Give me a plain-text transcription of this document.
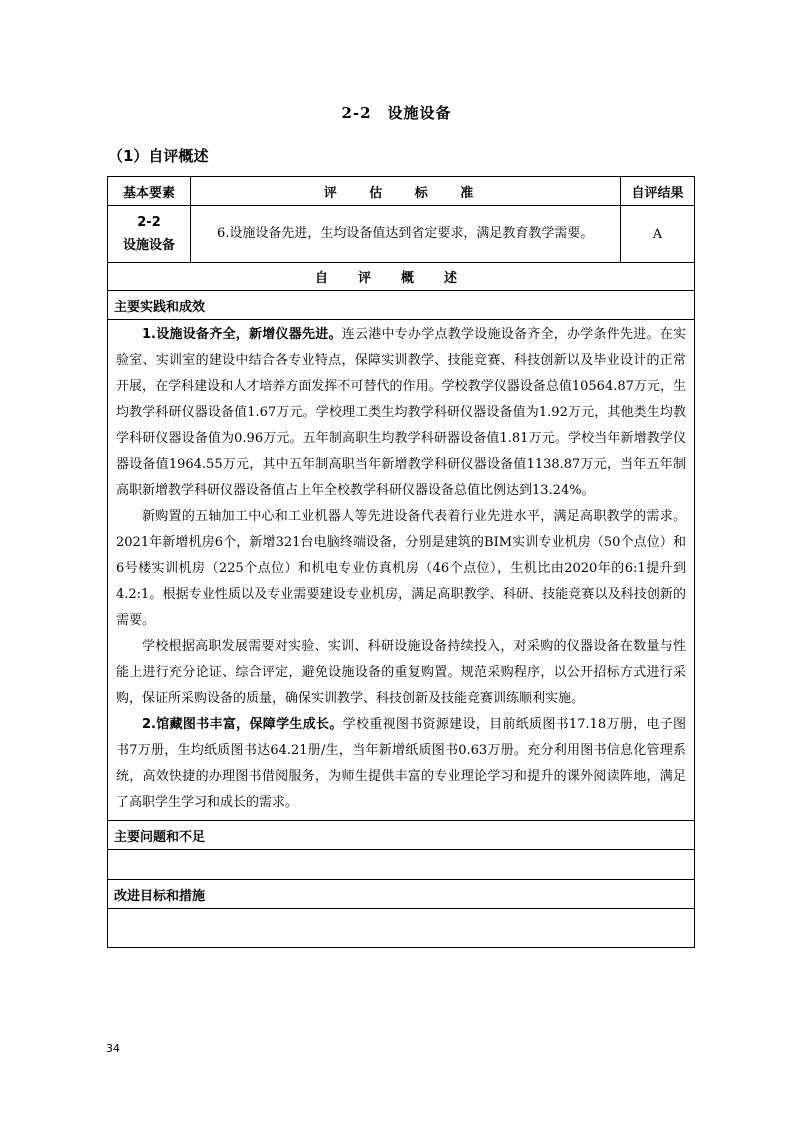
2-2　设施设备
（1）自评概述
基本要素	评 估 标 准	自评结果

2-2
设施设备	6.设施设备先进，生均设备值达到省定要求，满足教育教学需要。	A
自评概述		
主要实践和成效		

1.设施设备齐全，新增仪器先进。连云港中专办学点教学设施设备齐全，办学条件先进。在实验室、实训室的建设中结合各专业特点，保障实训教学、技能竞赛、科技创新以及毕业设计的正常开展，在学科建设和人才培养方面发挥不可替代的作用。学校教学仪器设备总值10564.87万元，生均教学科研仪器设备值1.67万元。学校理工类生均教学科研仪器设备值为1.92万元，其他类生均教学科研仪器设备值为0.96万元。五年制高职生均教学科研器设备值1.81万元。学校当年新增教学仪器设备值1964.55万元，其中五年制高职当年新增教学科研仪器设备值1138.87万元，当年五年制高职新增教学科研仪器设备值占上年全校教学科研仪器设备总值比例达到13.24%。

新购置的五轴加工中心和工业机器人等先进设备代表着行业先进水平，满足高职教学的需求。2021年新增机房6个，新增321台电脑终端设备，分别是建筑的BIM实训专业机房（50个点位）和6号楼实训机房（225个点位）和机电专业仿真机房（46个点位），生机比由2020年的6:1提升到4.2:1。根据专业性质以及专业需要建设专业机房，满足高职教学、科研、技能竞赛以及科技创新的需要。

学校根据高职发展需要对实验、实训、科研设施设备持续投入，对采购的仪器设备在数量与性能上进行充分论证、综合评定，避免设施设备的重复购置。规范采购程序，以公开招标方式进行采购，保证所采购设备的质量，确保实训教学、科技创新及技能竞赛训练顺利实施。

2.馆藏图书丰富，保障学生成长。学校重视图书资源建设，目前纸质图书17.18万册，电子图书7万册，生均纸质图书达64.21册/生，当年新增纸质图书0.63万册。充分利用图书信息化管理系统，高效快捷的办理图书借阅服务，为师生提供丰富的专业理论学习和提升的课外阅读阵地，满足了高职学生学习和成长的需求。		

主要问题和不足		

改进目标和措施		

34
